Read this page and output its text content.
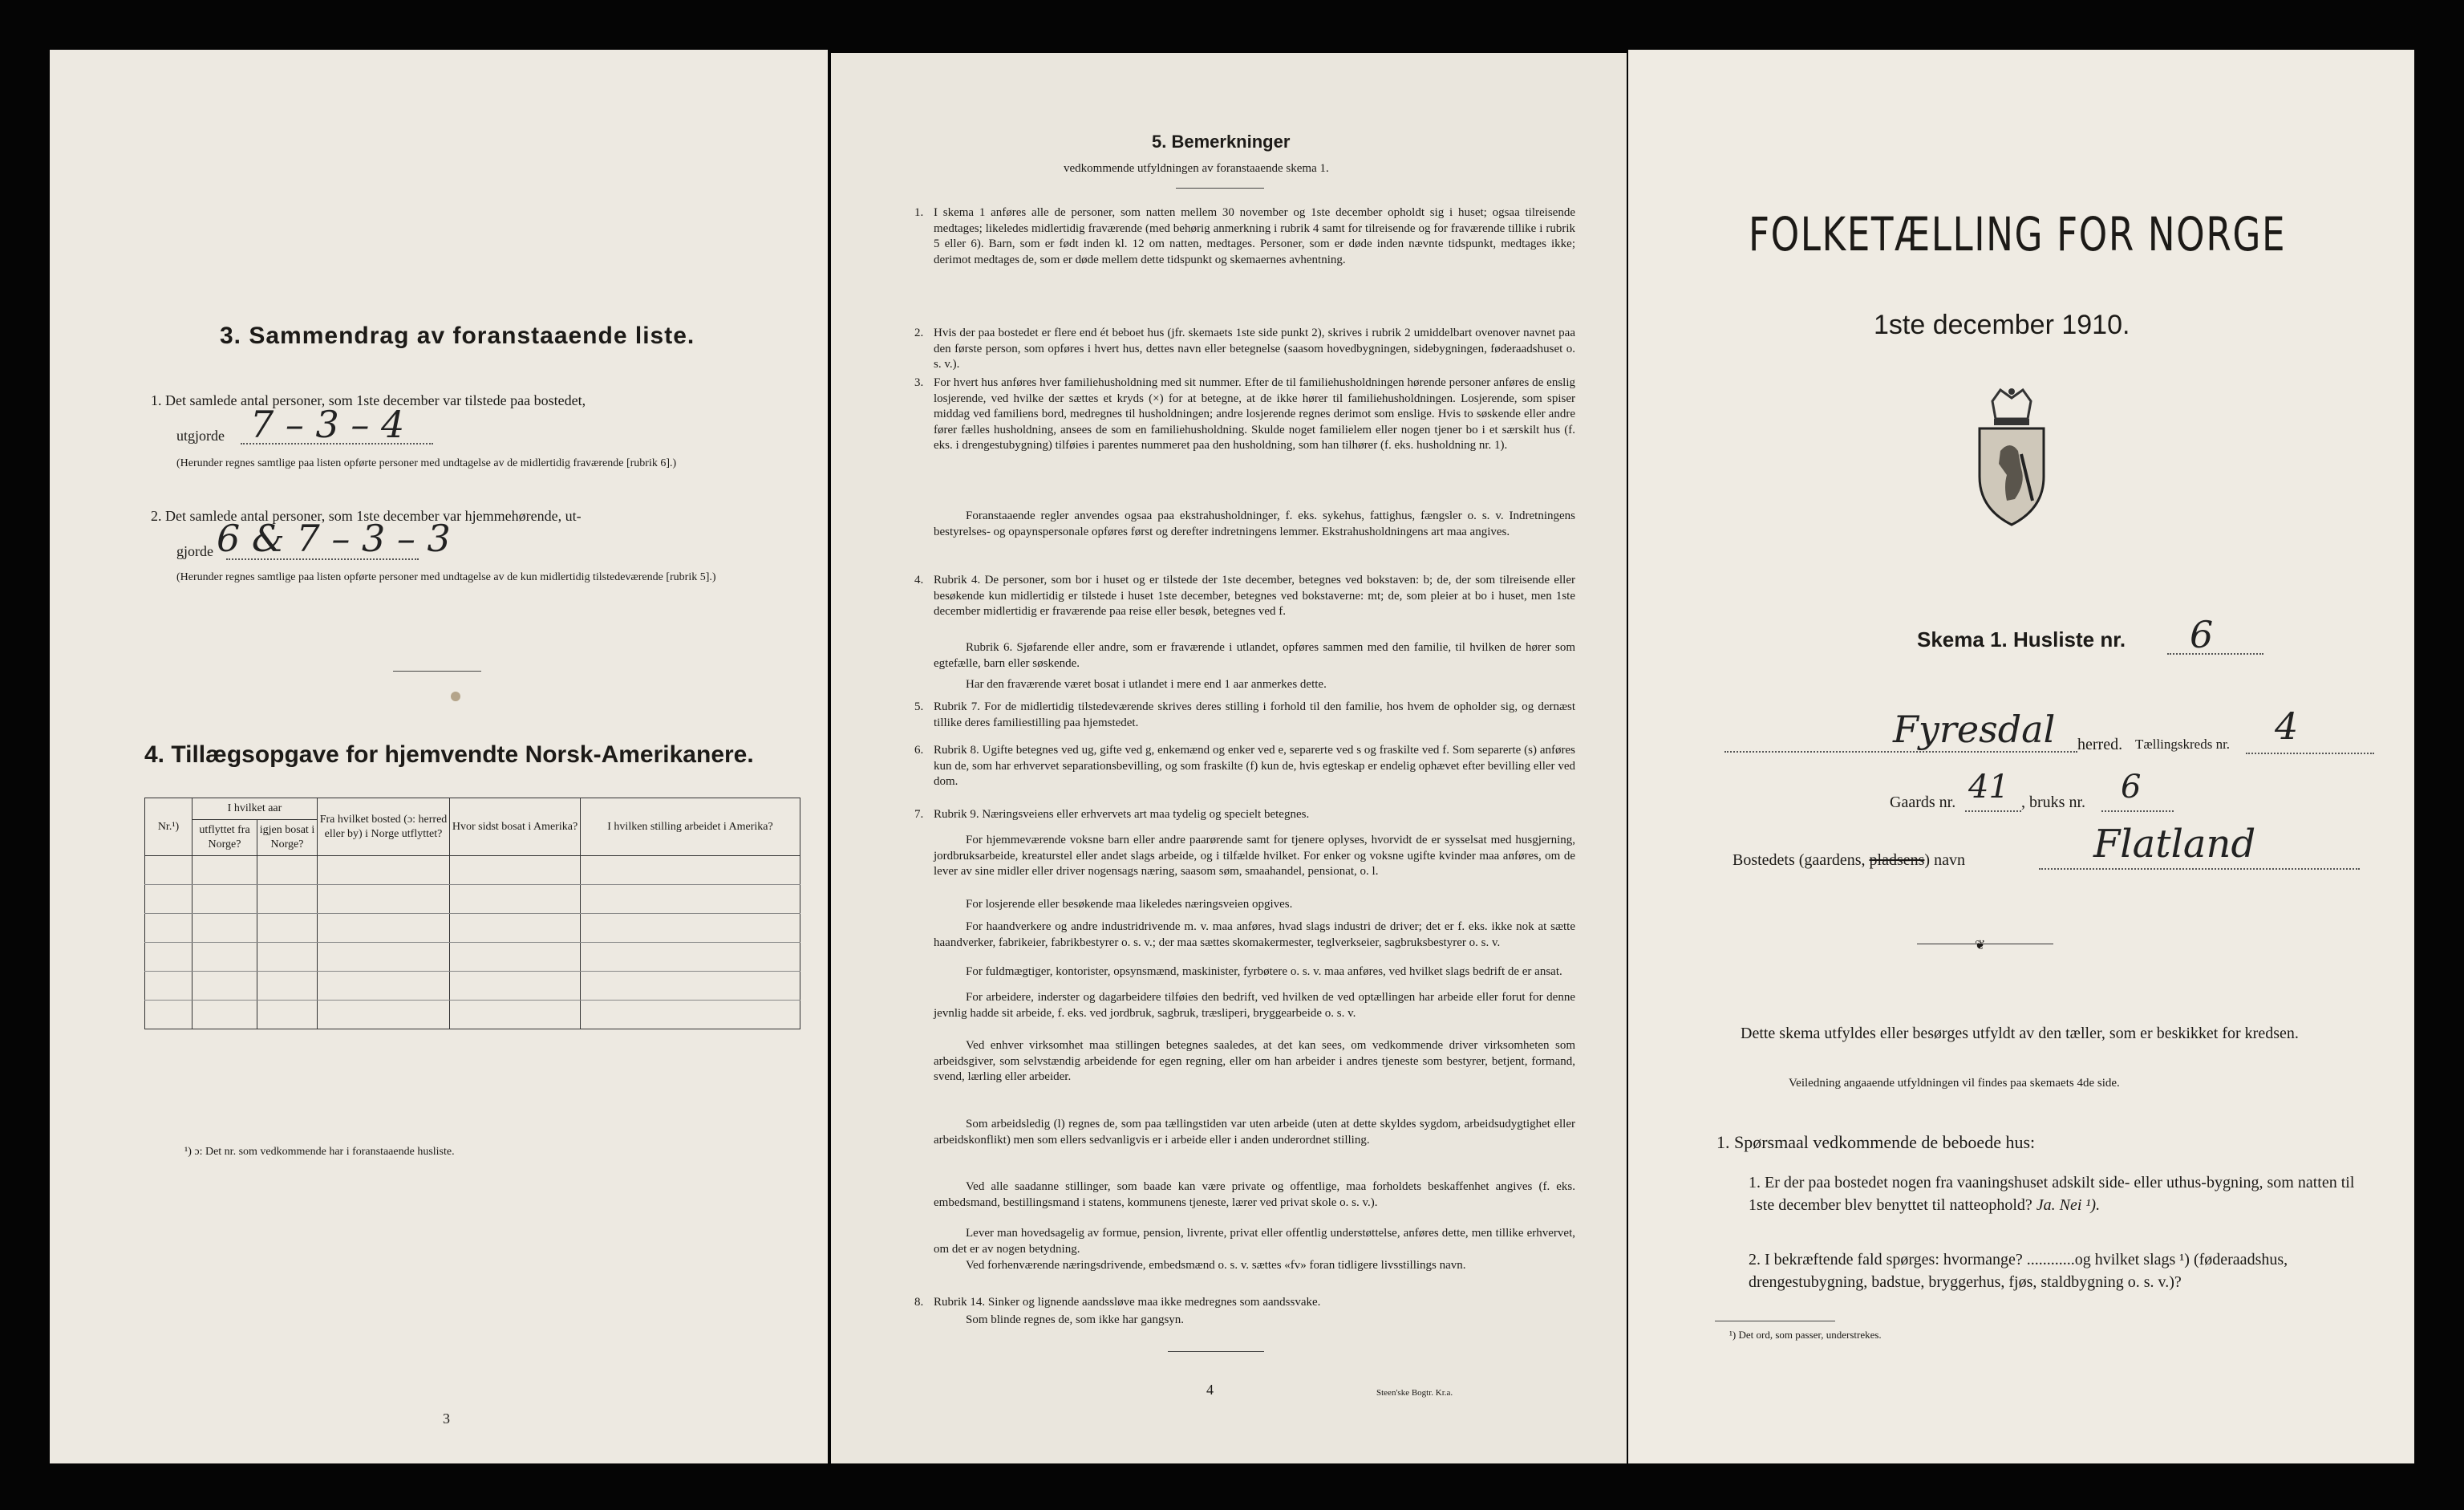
3. Sammendrag av foranstaaende liste.
1. Det samlede antal personer, som 1ste december var tilstede paa bostedet,
utgjorde 7 – 3 – 4
(Herunder regnes samtlige paa listen opførte personer med undtagelse av de midlertidig fraværende [rubrik 6].)
2. Det samlede antal personer, som 1ste december var hjemmehørende, ut-
gjorde 6 & 7 – 3 – 3
(Herunder regnes samtlige paa listen opførte personer med undtagelse av de kun midlertidig tilstedeværende [rubrik 5].)
4. Tillægsopgave for hjemvendte Norsk-Amerikanere.
Nr.¹)	I hvilket aar		Fra hvilket bosted (ɔ: herred eller by) i Norge utflyttet?	Hvor sidst bosat i Amerika?	I hvilken stilling arbeidet i Amerika?
	utflyttet fra Norge?	igjen bosat i Norge?			

¹) ɔ: Det nr. som vedkommende har i foranstaaende husliste.
3
5. Bemerkninger
vedkommende utfyldningen av foranstaaende skema 1.
1. I skema 1 anføres alle de personer, som natten mellem 30 november og 1ste december opholdt sig i huset; ogsaa tilreisende medtages; likeledes midlertidig fraværende (med behørig anmerkning i rubrik 4 samt for tilreisende og for fraværende tillike i rubrik 5 eller 6). Barn, som er født inden kl. 12 om natten, medtages. Personer, som er døde inden nævnte tidspunkt, medtages ikke; derimot medtages de, som er døde mellem dette tidspunkt og skemaernes avhentning.
2. Hvis der paa bostedet er flere end ét beboet hus (jfr. skemaets 1ste side punkt 2), skrives i rubrik 2 umiddelbart ovenover navnet paa den første person, som opføres i hvert hus, dettes navn eller betegnelse (saasom hovedbygningen, sidebygningen, føderaadshuset o. s. v.).
3. For hvert hus anføres hver familiehusholdning med sit nummer. Efter de til familiehusholdningen hørende personer anføres de enslig losjerende, ved hvilke der sættes et kryds (×) for at betegne, at de ikke hører til familiehusholdningen. Losjerende, som spiser middag ved familiens bord, medregnes til husholdningen; andre losjerende regnes derimot som enslige. Hvis to søskende eller andre fører fælles husholdning, ansees de som en familiehusholdning. Skulde noget familielem eller nogen tjener bo i et særskilt hus (f. eks. i drengestubygning) tilføies i parentes nummeret paa den husholdning, som han tilhører (f. eks. husholdning nr. 1).
Foranstaaende regler anvendes ogsaa paa ekstrahusholdninger, f. eks. sykehus, fattighus, fængsler o. s. v. Indretningens bestyrelses- og opaynspersonale opføres først og derefter indretningens lemmer. Ekstrahusholdningens art maa angives.
4. Rubrik 4. De personer, som bor i huset og er tilstede der 1ste december, betegnes ved bokstaven: b; de, der som tilreisende eller besøkende kun midlertidig er tilstede i huset 1ste december, betegnes ved bokstaverne: mt; de, som pleier at bo i huset, men 1ste december midlertidig er fraværende paa reise eller besøk, betegnes ved f.
Rubrik 6. Sjøfarende eller andre, som er fraværende i utlandet, opføres sammen med den familie, til hvilken de hører som egtefælle, barn eller søskende.
Har den fraværende været bosat i utlandet i mere end 1 aar anmerkes dette.
5. Rubrik 7. For de midlertidig tilstedeværende skrives deres stilling i forhold til den familie, hos hvem de opholder sig, og dernæst tillike deres familiestilling paa hjemstedet.
6. Rubrik 8. Ugifte betegnes ved ug, gifte ved g, enkemænd og enker ved e, separerte ved s og fraskilte ved f. Som separerte (s) anføres kun de, som har erhvervet separationsbevilling, og som fraskilte (f) kun de, hvis egteskap er endelig ophævet efter bevilling eller ved dom.
7. Rubrik 9. Næringsveiens eller erhvervets art maa tydelig og specielt betegnes.
For hjemmeværende voksne barn eller andre paarørende samt for tjenere oplyses, hvorvidt de er sysselsat med husgjerning, jordbruksarbeide, kreaturstel eller andet slags arbeide, og i tilfælde hvilket. For enker og voksne ugifte kvinder maa anføres, om de lever av sine midler eller driver nogensags næring, saasom søm, smaahandel, pensionat, o. l.
For losjerende eller besøkende maa likeledes næringsveien opgives.
For haandverkere og andre industridrivende m. v. maa anføres, hvad slags industri de driver; det er f. eks. ikke nok at sætte haandverker, fabrikeier, fabrikbestyrer o. s. v.; der maa sættes skomakermester, teglverkseier, sagbruksbestyrer o. s. v.
For fuldmægtiger, kontorister, opsynsmænd, maskinister, fyrbøtere o. s. v. maa anføres, ved hvilket slags bedrift de er ansat.
For arbeidere, inderster og dagarbeidere tilføies den bedrift, ved hvilken de ved optællingen har arbeide eller forut for denne jevnlig hadde sit arbeide, f. eks. ved jordbruk, sagbruk, træsliperi, bryggearbeide o. s. v.
Ved enhver virksomhet maa stillingen betegnes saaledes, at det kan sees, om vedkommende driver virksomheten som arbeidsgiver, som selvstændig arbeidende for egen regning, eller om han arbeider i andres tjeneste som bestyrer, betjent, formand, svend, lærling eller arbeider.
Som arbeidsledig (l) regnes de, som paa tællingstiden var uten arbeide (uten at dette skyldes sygdom, arbeidsudygtighet eller arbeidskonflikt) men som ellers sedvanligvis er i arbeide eller i anden underordnet stilling.
Ved alle saadanne stillinger, som baade kan være private og offentlige, maa forholdets beskaffenhet angives (f. eks. embedsmand, bestillingsmand i statens, kommunens tjeneste, lærer ved privat skole o. s. v.).
Lever man hovedsagelig av formue, pension, livrente, privat eller offentlig understøttelse, anføres dette, men tillike erhvervet, om det er av nogen betydning.
Ved forhenværende næringsdrivende, embedsmænd o. s. v. sættes «fv» foran tidligere livsstillings navn.
8. Rubrik 14. Sinker og lignende aandssløve maa ikke medregnes som aandssvake.
Som blinde regnes de, som ikke har gangsyn.
4	Steen'ske Bogtr. Kr.a.
FOLKETÆLLING FOR NORGE
1ste december 1910.
Skema 1. Husliste nr. 6
Fyresdal herred. Tællingskreds nr. 4
Gaards nr. 41 , bruks nr. 6
Bostedets (gaardens, pladsens) navn	Flatland
❦
Dette skema utfyldes eller besørges utfyldt av den tæller, som er beskikket for kredsen.
Veiledning angaaende utfyldningen vil findes paa skemaets 4de side.
1. Spørsmaal vedkommende de beboede hus:
1. Er der paa bostedet nogen fra vaaningshuset adskilt side- eller uthus-bygning, som natten til 1ste december blev benyttet til natteophold? Ja. Nei ¹).
2. I bekræftende fald spørges: hvormange? ............og hvilket slags ¹) (føderaadshus, drengestubygning, badstue, bryggerhus, fjøs, staldbygning o. s. v.)?
¹) Det ord, som passer, understrekes.
